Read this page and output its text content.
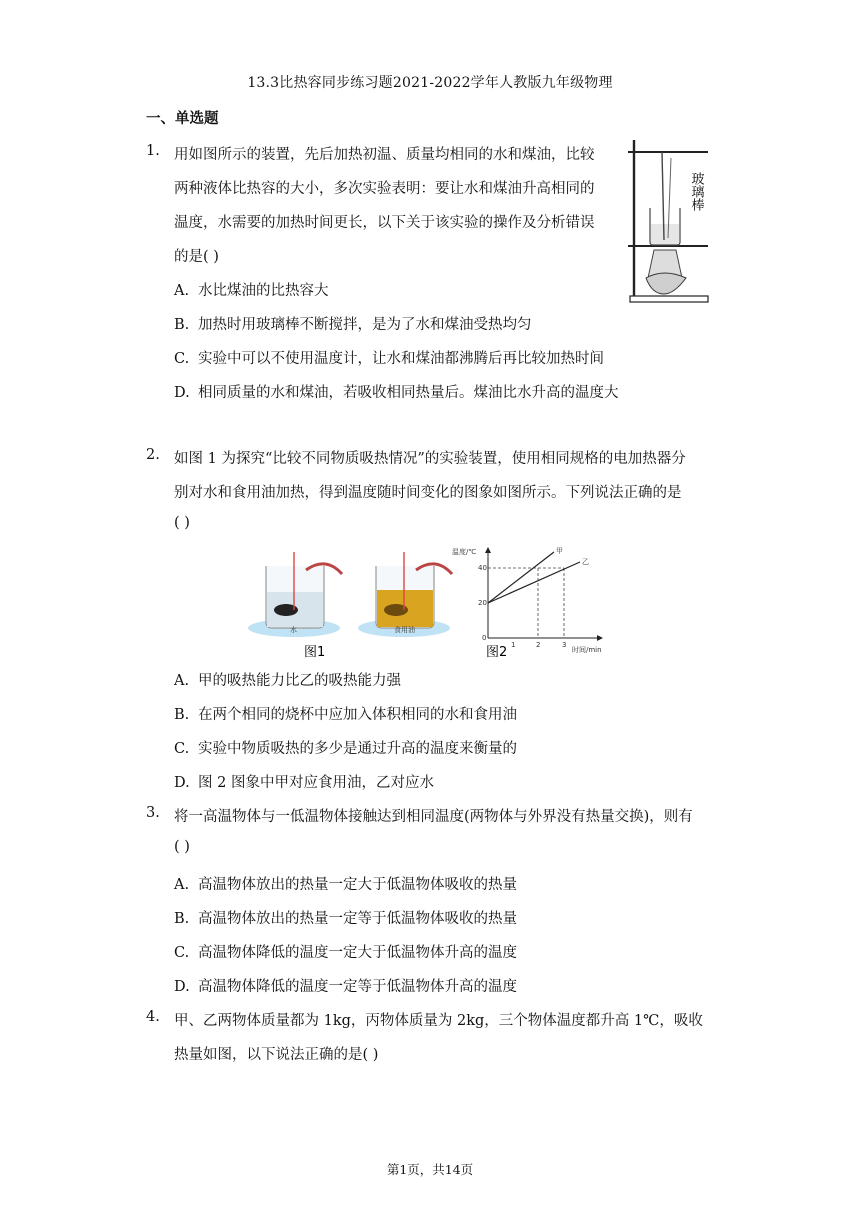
13.3比热容同步练习题2021-2022学年人教版九年级物理
一、单选题
1. 用如图所示的装置，先后加热初温、质量均相同的水和煤油，比较
两种液体比热容的大小，多次实验表明：要让水和煤油升高相同的
温度，水需要的加热时间更长，以下关于该实验的操作及分析错误
的是( )
A. 水比煤油的比热容大
B. 加热时用玻璃棒不断搅拌，是为了水和煤油受热均匀
C. 实验中可以不使用温度计，让水和煤油都沸腾后再比较加热时间
D. 相同质量的水和煤油，若吸收相同热量后。煤油比水升高的温度大
玻璃棒
2. 如图 1 为探究“比较不同物质吸热情况”的实验装置，使用相同规格的电加热器分
别对水和食用油加热，得到温度随时间变化的图象如图所示。下列说法正确的是
( )
水	食用油
图1
温度/℃	甲
乙
40
20
0
1	2	3
时间/min
图2
A. 甲的吸热能力比乙的吸热能力强
B. 在两个相同的烧杯中应加入体积相同的水和食用油
C. 实验中物质吸热的多少是通过升高的温度来衡量的
D. 图 2 图象中甲对应食用油，乙对应水
3. 将一高温物体与一低温物体接触达到相同温度(两物体与外界没有热量交换)，则有
( )
A. 高温物体放出的热量一定大于低温物体吸收的热量
B. 高温物体放出的热量一定等于低温物体吸收的热量
C. 高温物体降低的温度一定大于低温物体升高的温度
D. 高温物体降低的温度一定等于低温物体升高的温度
4. 甲、乙两物体质量都为 1kg，丙物体质量为 2kg，三个物体温度都升高 1℃，吸收
热量如图，以下说法正确的是( )
第1页，共14页
